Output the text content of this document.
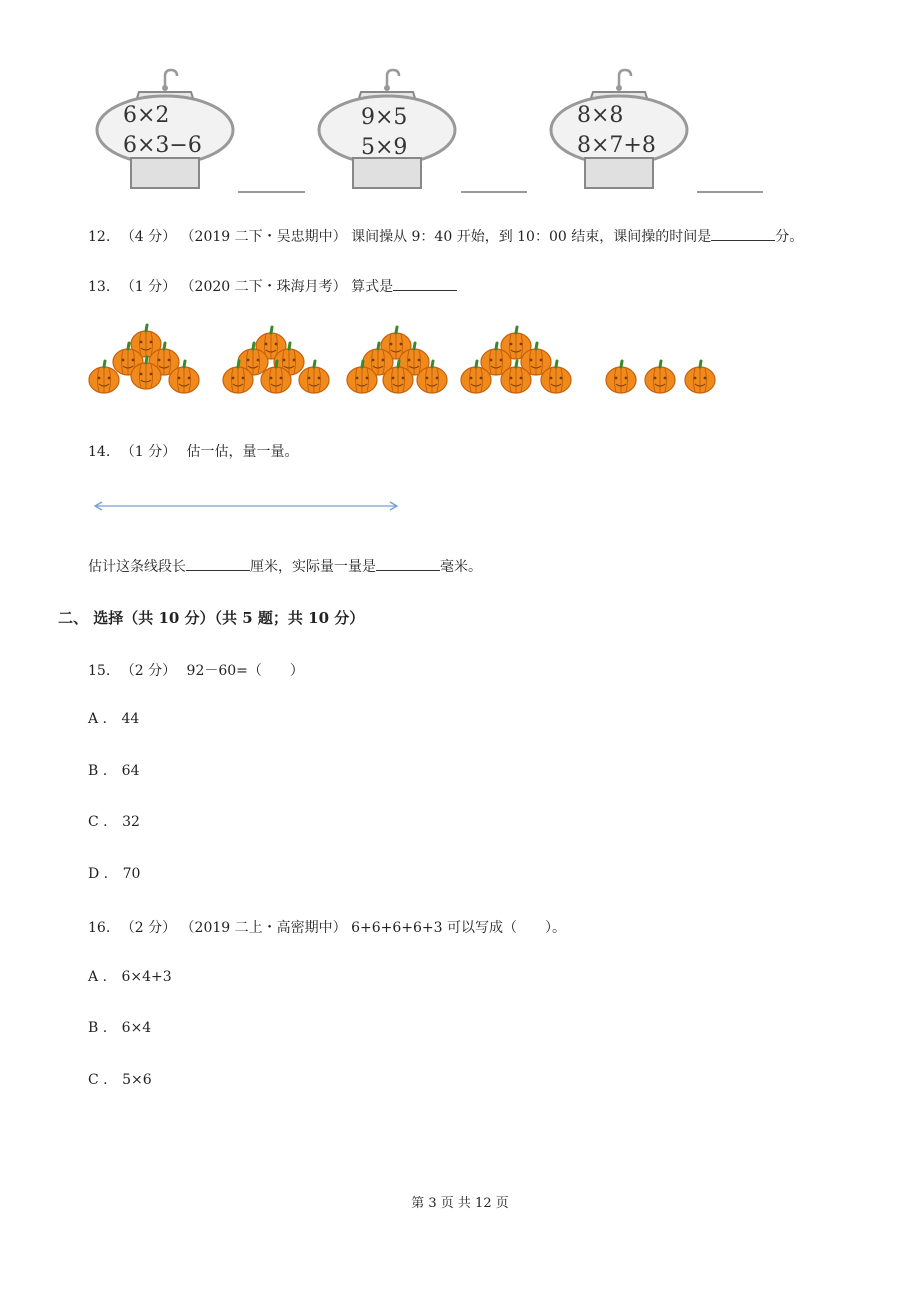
6×2
6×3−6
9×5
5×9
8×8
8×7+8
12. （4 分） （2019 二下・吴忠期中） 课间操从 9：40 开始，到 10：00 结束，课间操的时间是	分。
13. （1 分） （2020 二下・珠海月考） 算式是
14. （1 分） 估一估，量一量。
估计这条线段长	厘米，实际量一量是	毫米。
二、 选择（共 10 分）（共 5 题；共 10 分）
15. （2 分） 92－60=（　　）
A . 44
B . 64
C . 32
D . 70
16. （2 分） （2019 二上・高密期中） 6+6+6+6+3 可以写成（　　）。
A . 6×4+3
B . 6×4
C . 5×6
第 3 页 共 12 页
